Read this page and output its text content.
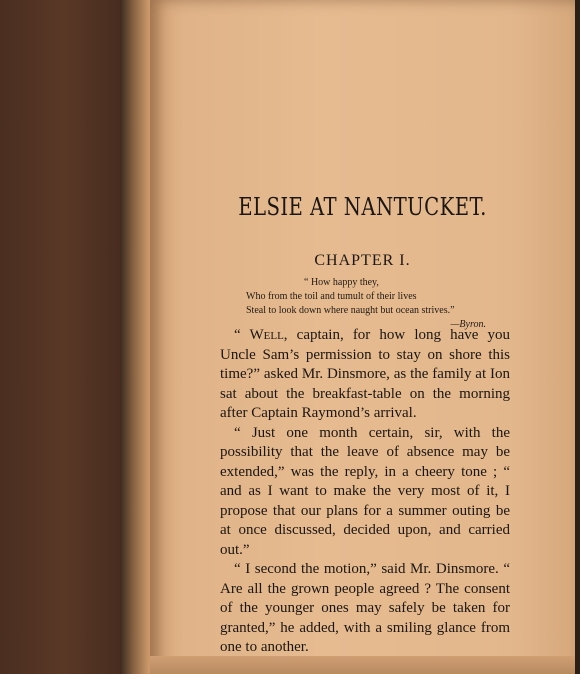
ELSIE AT NANTUCKET.
CHAPTER I.
“ How happy they,
Who from the toil and tumult of their lives
Steal to look down where naught but ocean strives.”
—Byron.

“ Well, captain, for how long have you Uncle Sam’s permission to stay on shore this time?” asked Mr. Dinsmore, as the family at Ion sat about the breakfast-table on the morning after Captain Raymond’s arrival.

“ Just one month certain, sir, with the possibility that the leave of absence may be extended,” was the reply, in a cheery tone ; “ and as I want to make the very most of it, I propose that our plans for a summer outing be at once discussed, decided upon, and carried out.”

“ I second the motion,” said Mr. Dinsmore. “ Are all the grown people agreed ? The consent of the younger ones may safely be taken for granted,” he added, with a smiling glance from one to another.
